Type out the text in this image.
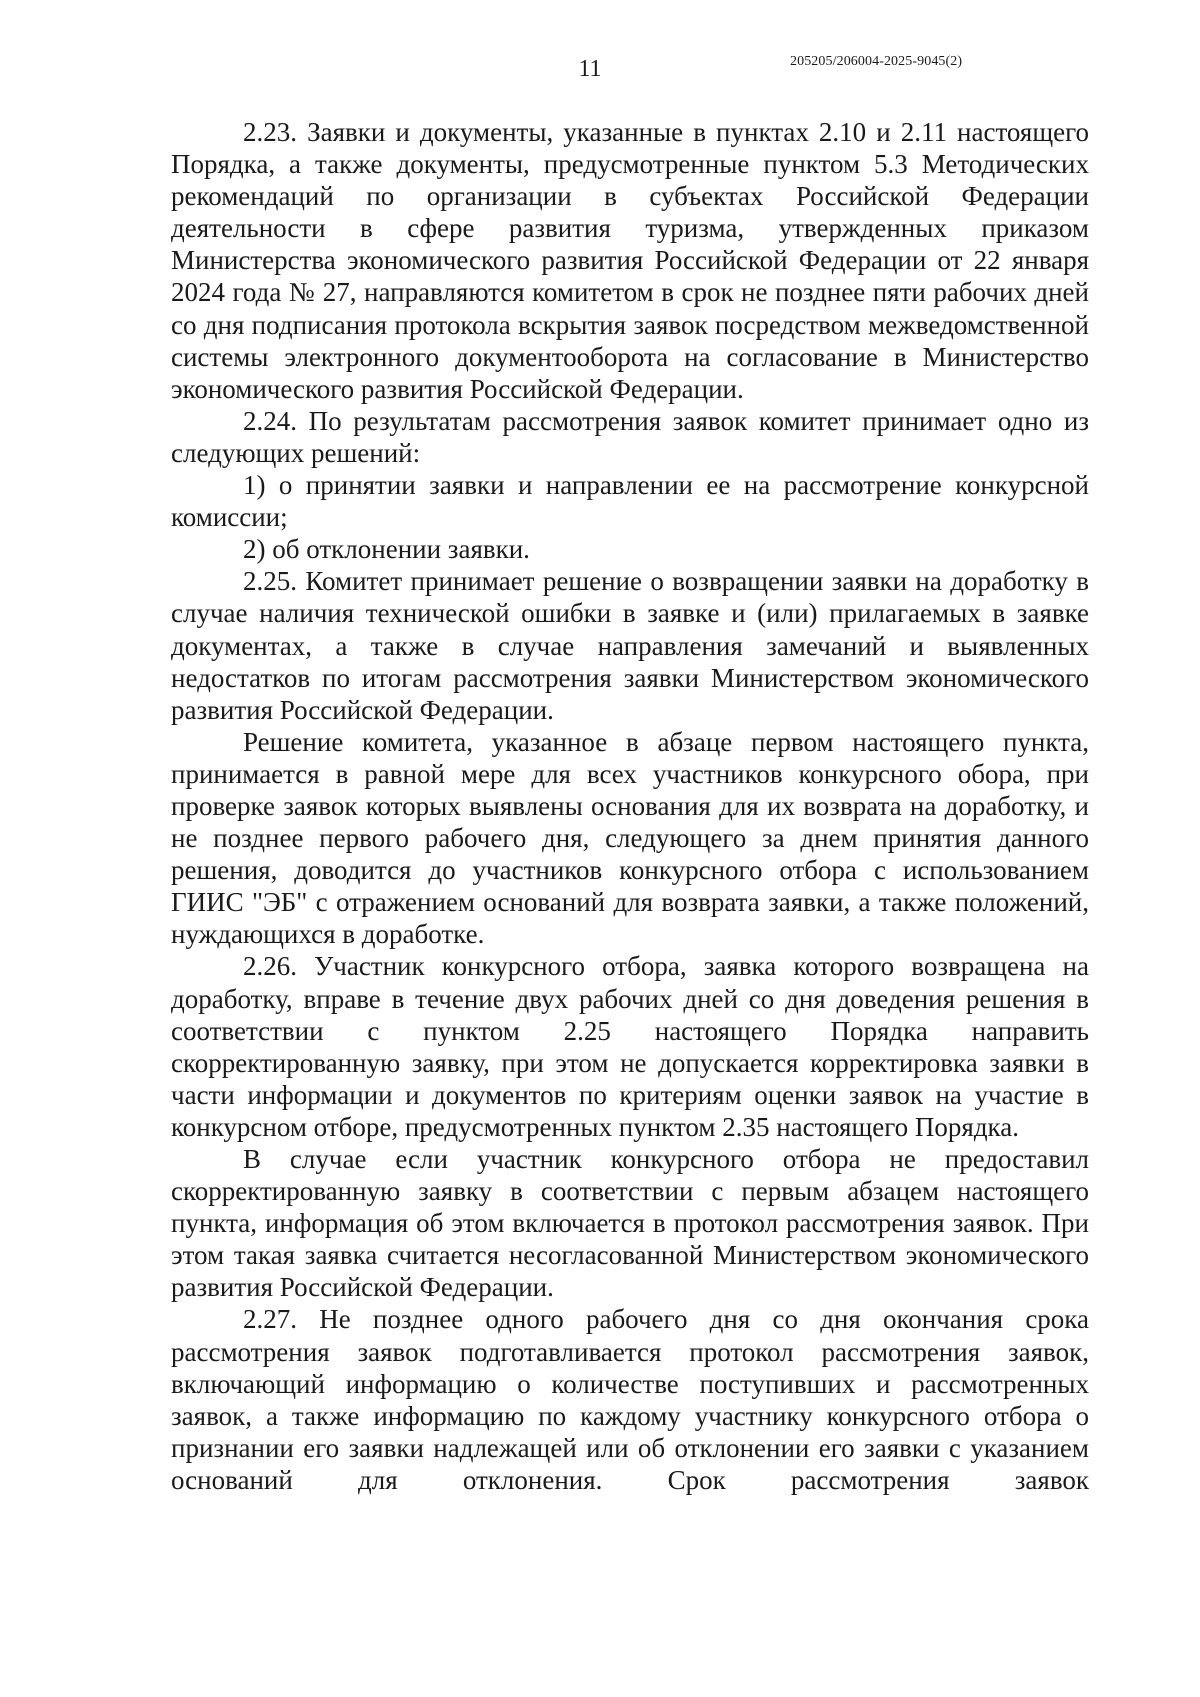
11	205205/206004-2025-9045(2)

2.23. Заявки и документы, указанные в пунктах 2.10 и 2.11 настоящего Порядка, а также документы, предусмотренные пунктом 5.3 Методических рекомендаций по организации в субъектах Российской Федерации деятельности в сфере развития туризма, утвержденных приказом Министерства экономического развития Российской Федерации от 22 января 2024 года № 27, направляются комитетом в срок не позднее пяти рабочих дней со дня подписания протокола вскрытия заявок посредством межведомственной системы электронного документооборота на согласование в Министерство экономического развития Российской Федерации.

2.24. По результатам рассмотрения заявок комитет принимает одно из следующих решений:

1) о принятии заявки и направлении ее на рассмотрение конкурсной комиссии;

2) об отклонении заявки.

2.25. Комитет принимает решение о возвращении заявки на доработку в случае наличия технической ошибки в заявке и (или) прилагаемых в заявке документах, а также в случае направления замечаний и выявленных недостатков по итогам рассмотрения заявки Министерством экономического развития Российской Федерации.

Решение комитета, указанное в абзаце первом настоящего пункта, принимается в равной мере для всех участников конкурсного обора, при проверке заявок которых выявлены основания для их возврата на доработку, и не позднее первого рабочего дня, следующего за днем принятия данного решения, доводится до участников конкурсного отбора с использованием ГИИС "ЭБ" с отражением оснований для возврата заявки, а также положений, нуждающихся в доработке.

2.26. Участник конкурсного отбора, заявка которого возвращена на доработку, вправе в течение двух рабочих дней со дня доведения решения в соответствии с пунктом 2.25 настоящего Порядка направить скорректированную заявку, при этом не допускается корректировка заявки в части информации и документов по критериям оценки заявок на участие в конкурсном отборе, предусмотренных пунктом 2.35 настоящего Порядка.

В случае если участник конкурсного отбора не предоставил скорректированную заявку в соответствии с первым абзацем настоящего пункта, информация об этом включается в протокол рассмотрения заявок. При этом такая заявка считается несогласованной Министерством экономического развития Российской Федерации.

2.27. Не позднее одного рабочего дня со дня окончания срока рассмотрения заявок подготавливается протокол рассмотрения заявок, включающий информацию о количестве поступивших и рассмотренных заявок, а также информацию по каждому участнику конкурсного отбора о признании его заявки надлежащей или об отклонении его заявки с указанием оснований для отклонения. Срок рассмотрения заявок
